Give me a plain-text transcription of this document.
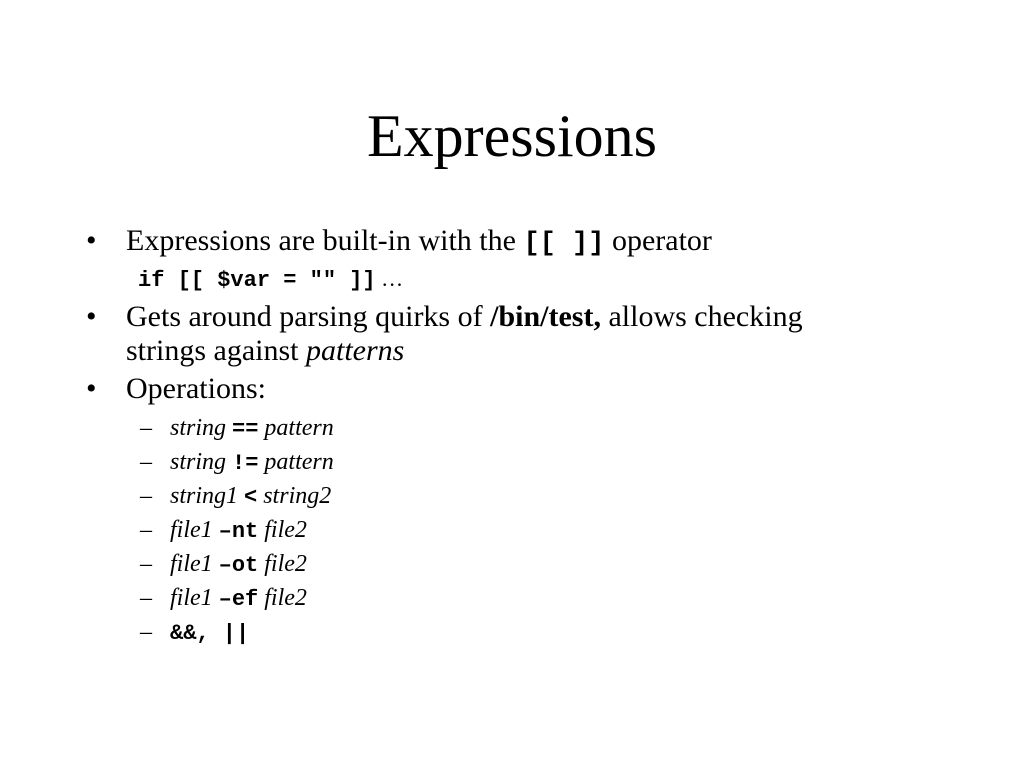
Expressions
• Expressions are built-in with the [[ ]] operator
if [[ $var = "" ]] …
• Gets around parsing quirks of /bin/test, allows checking
strings against patterns
• Operations:
– string == pattern
– string != pattern
– string1 < string2
– file1 –nt file2
– file1 –ot file2
– file1 –ef file2
– &&, ||
